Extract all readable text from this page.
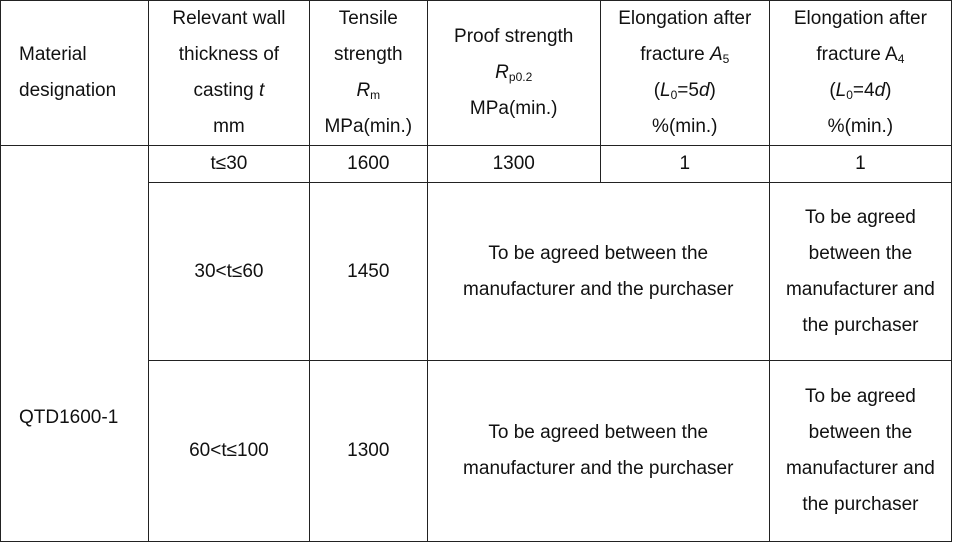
Material
designation	Relevant wall
thickness of
casting t
mm	Tensile
strength
$R_m$
MPa(min.)	Proof strength
$R_{p0.2}$
MPa(min.)	Elongation after
fracture $A_5$
$(L_0=5d)$
%(min.)	Elongation after
fracture $A_4$
$(L_0=4d)$
%(min.)

QTD1600-1	t≤30	1600	1300	1	1
	30<t≤60	1450	To be agreed between the manufacturer and the purchaser		To be agreed between the manufacturer and the purchaser
	60<t≤100	1300	To be agreed between the manufacturer and the purchaser		To be agreed between the manufacturer and the purchaser
